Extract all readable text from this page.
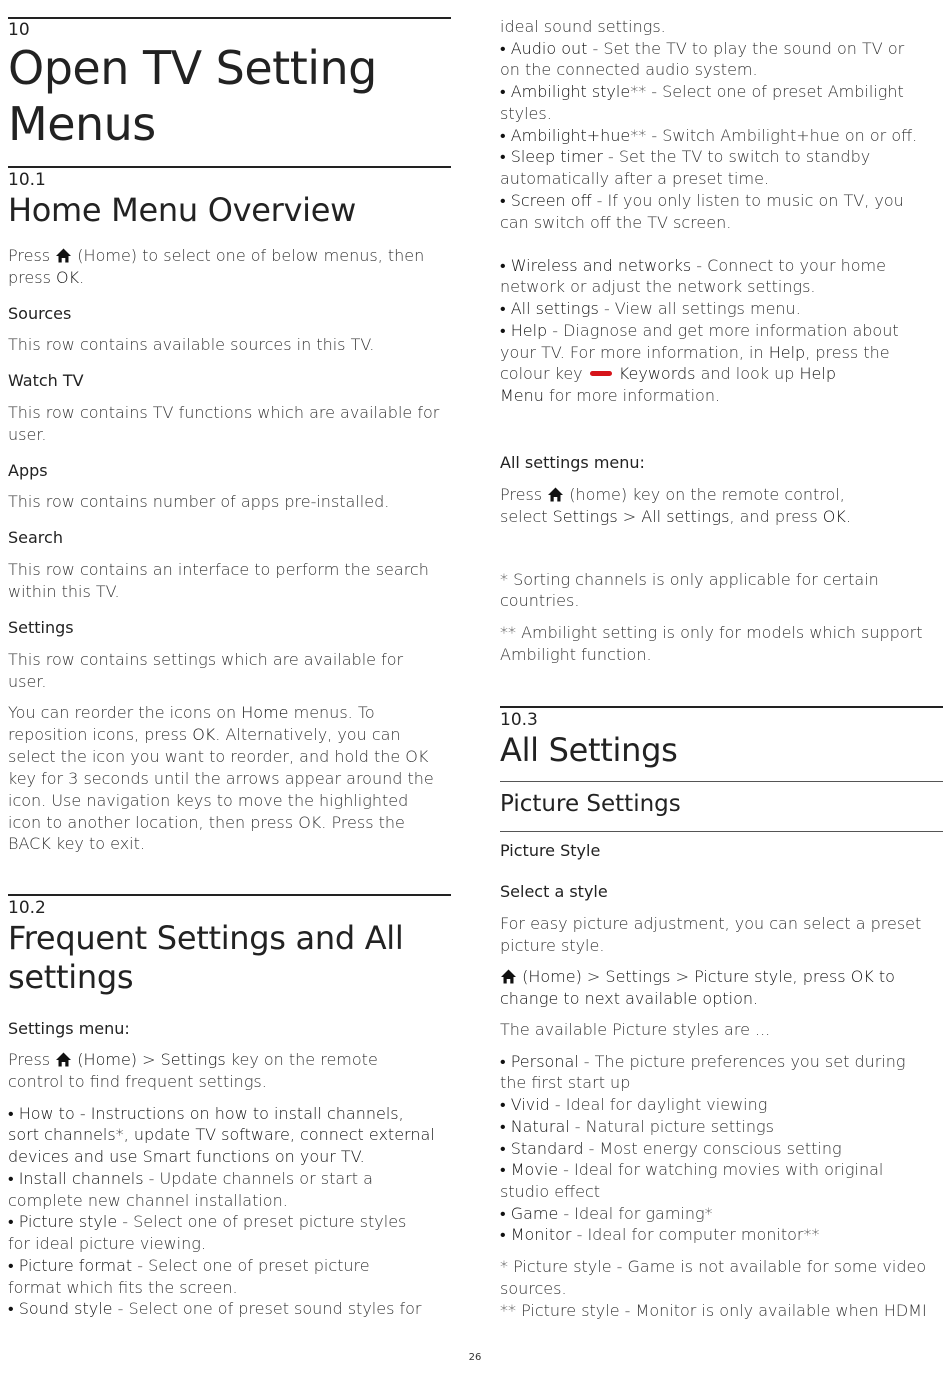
10
Open TV Setting
Menus
10.1
Home Menu Overview
Press  (Home) to select one of below menus, then
press OK.
Sources
This row contains available sources in this TV.
Watch TV
This row contains TV functions which are available for
user.
Apps
This row contains number of apps pre-installed.
Search
This row contains an interface to perform the search
within this TV.
Settings
This row contains settings which are available for
user.
You can reorder the icons on Home menus. To
reposition icons, press OK. Alternatively, you can
select the icon you want to reorder, and hold the OK
key for 3 seconds until the arrows appear around the
icon. Use navigation keys to move the highlighted
icon to another location, then press OK. Press the
BACK key to exit.
10.2
Frequent Settings and All
settings
Settings menu:
Press  (Home) > Settings key on the remote
control to find frequent settings.
• How to - Instructions on how to install channels,
sort channels*, update TV software, connect external
devices and use Smart functions on your TV.
• Install channels - Update channels or start a
complete new channel installation.
• Picture style - Select one of preset picture styles
for ideal picture viewing.
• Picture format - Select one of preset picture
format which fits the screen.
• Sound style - Select one of preset sound styles for
ideal sound settings.
• Audio out - Set the TV to play the sound on TV or
on the connected audio system.
• Ambilight style** - Select one of preset Ambilight
styles.
• Ambilight+hue** - Switch Ambilight+hue on or off.
• Sleep timer - Set the TV to switch to standby
automatically after a preset time.
• Screen off - If you only listen to music on TV, you
can switch off the TV screen.
• Wireless and networks - Connect to your home
network or adjust the network settings.
• All settings - View all settings menu.
• Help - Diagnose and get more information about
your TV. For more information, in Help, press the
colour key  Keywords and look up Help
Menu for more information.
All settings menu:
Press  (home) key on the remote control,
select Settings > All settings, and press OK.
* Sorting channels is only applicable for certain
countries.
** Ambilight setting is only for models which support
Ambilight function.
10.3
All Settings
Picture Settings
Picture Style
Select a style
For easy picture adjustment, you can select a preset
picture style.
(Home) > Settings > Picture style, press OK to
change to next available option.
The available Picture styles are ...
• Personal - The picture preferences you set during
the first start up
• Vivid - Ideal for daylight viewing
• Natural - Natural picture settings
• Standard - Most energy conscious setting
• Movie - Ideal for watching movies with original
studio effect
• Game - Ideal for gaming*
• Monitor - Ideal for computer monitor**
* Picture style - Game is not available for some video
sources.
** Picture style - Monitor is only available when HDMI
26
